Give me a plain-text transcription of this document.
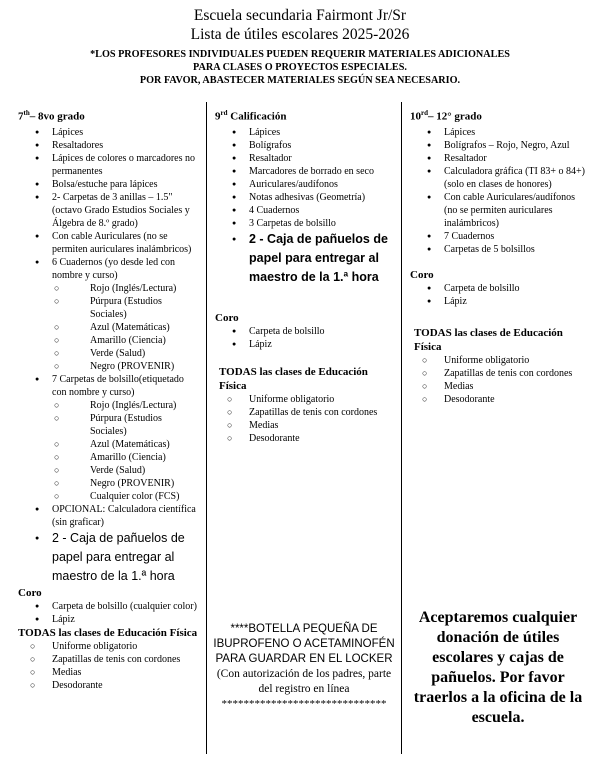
Escuela secundaria Fairmont Jr/Sr
Lista de útiles escolares 2025-2026
*LOS PROFESORES INDIVIDUALES PUEDEN REQUERIR MATERIALES ADICIONALES
PARA CLASES O PROYECTOS ESPECIALES.
POR FAVOR, ABASTECER MATERIALES SEGÚN SEA NECESARIO.
7th– 8vo grado
● Lápices
● Resaltadores
● Lápices de colores o marcadores no permanentes
● Bolsa/estuche para lápices
● 2- Carpetas de 3 anillas – 1.5"(octavo Grado Estudios Sociales y Álgebra de 8.º grado)
● Con cable Auriculares (no se permiten auriculares inalámbricos)
● 6 Cuadernos (yo desde led con nombre y curso)
○ Rojo (Inglés/Lectura)
○ Púrpura (Estudios Sociales)
○ Azul (Matemáticas)
○ Amarillo (Ciencia)
○ Verde (Salud)
○ Negro (PROVENIR)
● 7 Carpetas de bolsillo(etiquetado con nombre y curso)
○ Rojo (Inglés/Lectura)
○ Púrpura (Estudios Sociales)
○ Azul (Matemáticas)
○ Amarillo (Ciencia)
○ Verde (Salud)
○ Negro (PROVENIR)
○ Cualquier color (FCS)
● OPCIONAL: Calculadora científica (sin graficar)
● 2 - Caja de pañuelos de papel para entregar al maestro de la 1.ª hora
Coro
● Carpeta de bolsillo (cualquier color)
● Lápiz
TODAS las clases de Educación Física
○ Uniforme obligatorio
○ Zapatillas de tenis con cordones
○ Medias
○ Desodorante
9rd Calificación
● Lápices
● Bolígrafos
● Resaltador
● Marcadores de borrado en seco
● Auriculares/audífonos
● Notas adhesivas (Geometría)
● 4 Cuadernos
● 3 Carpetas de bolsillo
● 2 - Caja de pañuelos de papel para entregar al maestro de la 1.ª hora
Coro
● Carpeta de bolsillo
● Lápiz
TODAS las clases de Educación Física
○ Uniforme obligatorio
○ Zapatillas de tenis con cordones
○ Medias
○ Desodorante
****BOTELLA PEQUEÑA DE IBUPROFENO O ACETAMINOFÉN PARA GUARDAR EN EL LOCKER
(Con autorización de los padres, parte del registro en línea
******************************
10rd– 12° grado
● Lápices
● Bolígrafos – Rojo, Negro, Azul
● Resaltador
● Calculadora gráfica (TI 83+ o 84+) (solo en clases de honores)
● Con cable Auriculares/audífonos (no se permiten auriculares inalámbricos)
● 7 Cuadernos
● Carpetas de 5 bolsillos
Coro
● Carpeta de bolsillo
● Lápiz
TODAS las clases de Educación Física
○ Uniforme obligatorio
○ Zapatillas de tenis con cordones
○ Medias
○ Desodorante
Aceptaremos cualquier donación de útiles escolares y cajas de pañuelos. Por favor traerlos a la oficina de la escuela.
